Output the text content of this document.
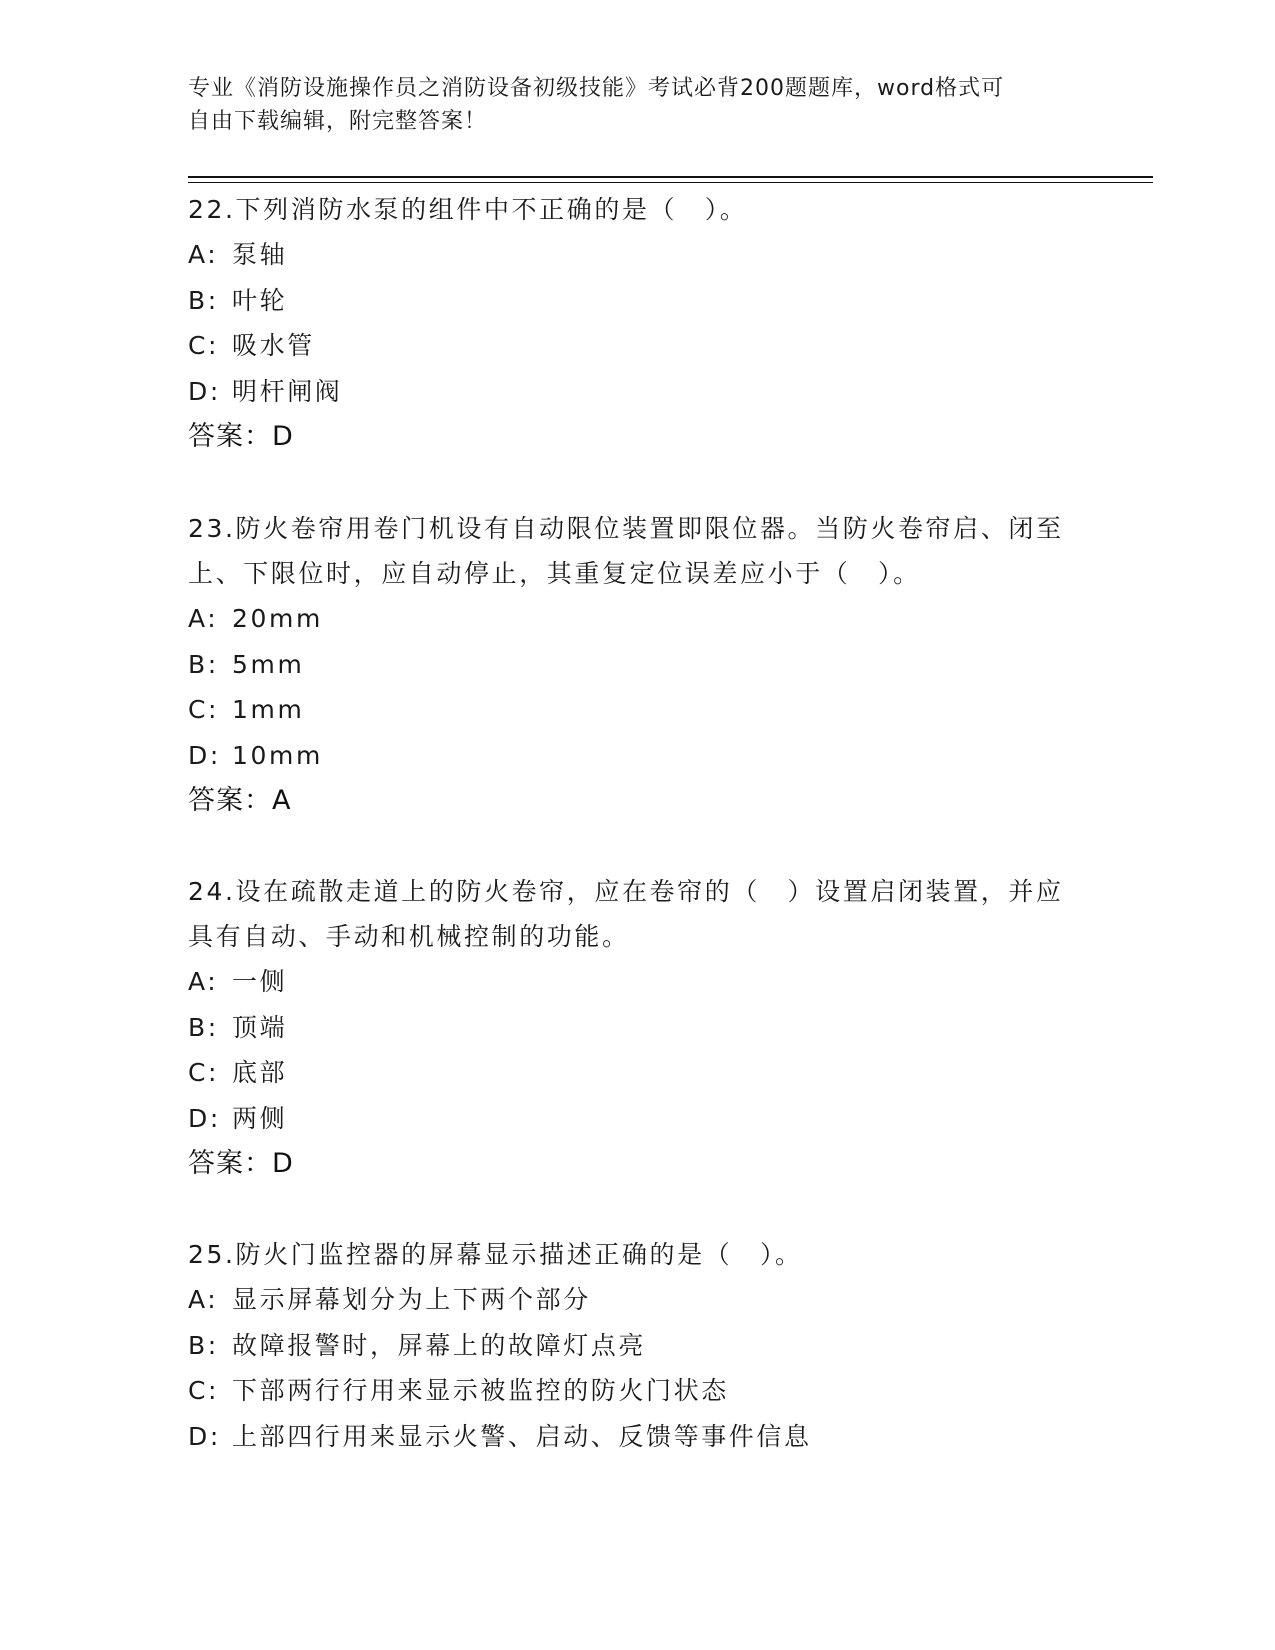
专业《消防设施操作员之消防设备初级技能》考试必背200题题库，word格式可
自由下载编辑，附完整答案！

22.下列消防水泵的组件中不正确的是（　）。

A: 泵轴

B: 叶轮

C: 吸水管

D: 明杆闸阀

答案：D

23.防火卷帘用卷门机设有自动限位装置即限位器。当防火卷帘启、闭至上、下限位时，应自动停止，其重复定位误差应小于（　）。

A: 20mm

B: 5mm

C: 1mm

D: 10mm

答案：A

24.设在疏散走道上的防火卷帘，应在卷帘的（　）设置启闭装置，并应具有自动、手动和机械控制的功能。

A: 一侧

B: 顶端

C: 底部

D: 两侧

答案：D

25.防火门监控器的屏幕显示描述正确的是（　）。

A: 显示屏幕划分为上下两个部分

B: 故障报警时，屏幕上的故障灯点亮

C: 下部两行行用来显示被监控的防火门状态

D: 上部四行用来显示火警、启动、反馈等事件信息
